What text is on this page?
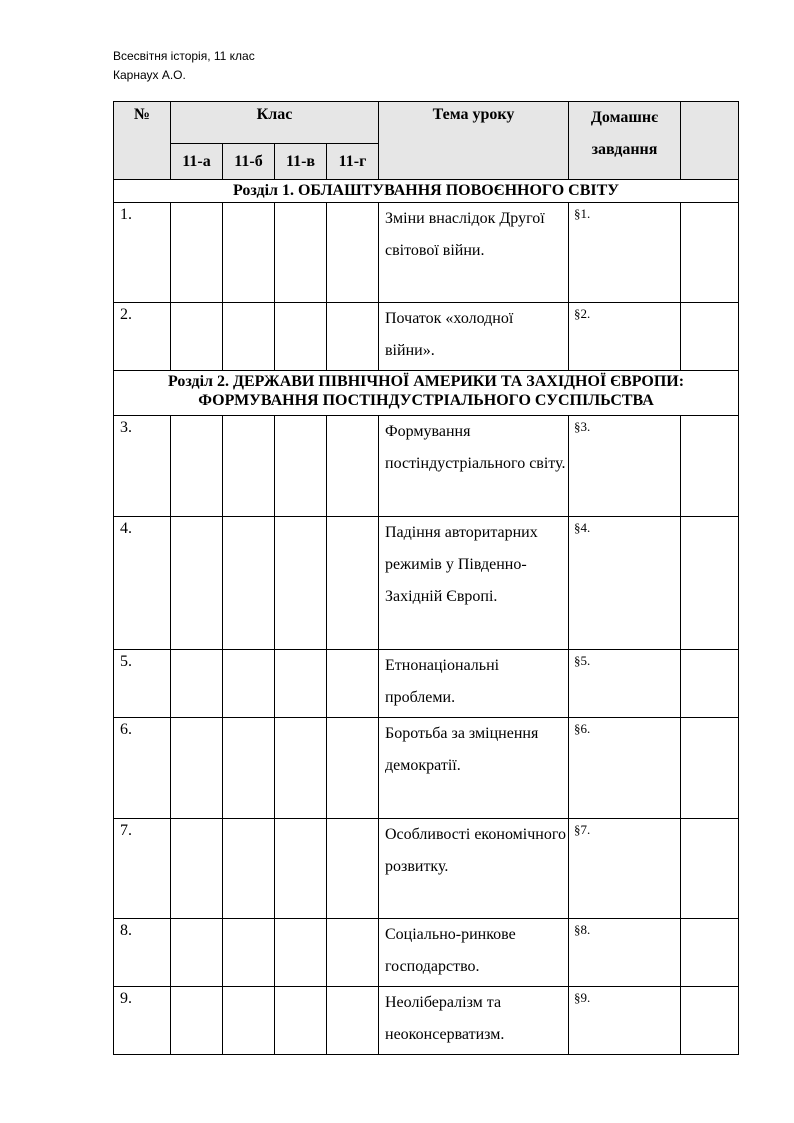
Всесвітня історія, 11 клас
Карнаух А.О.
№	Клас				Тема уроку	Домашнє завдання	
	11-а	11-б	11-в	11-г			
Розділ 1. ОБЛАШТУВАННЯ ПОВОЄННОГО СВІТУ							
1.					Зміни внаслідок Другої світової війни.	§1.	
2.					Початок «холодної війни».	§2.	
Розділ 2. ДЕРЖАВИ ПІВНІЧНОЇ АМЕРИКИ ТА ЗАХІДНОЇ ЄВРОПИ: ФОРМУВАННЯ ПОСТІНДУСТРІАЛЬНОГО СУСПІЛЬСТВА							
3.					Формування постіндустріального світу.	§3.	
4.					Падіння авторитарних режимів у Південно-Західній Європі.	§4.	
5.					Етнонаціональні проблеми.	§5.	
6.					Боротьба за зміцнення демократії.	§6.	
7.					Особливості економічного розвитку.	§7.	
8.					Соціально-ринкове господарство.	§8.	
9.					Неолібералізм та неоконсерватизм.	§9.	
